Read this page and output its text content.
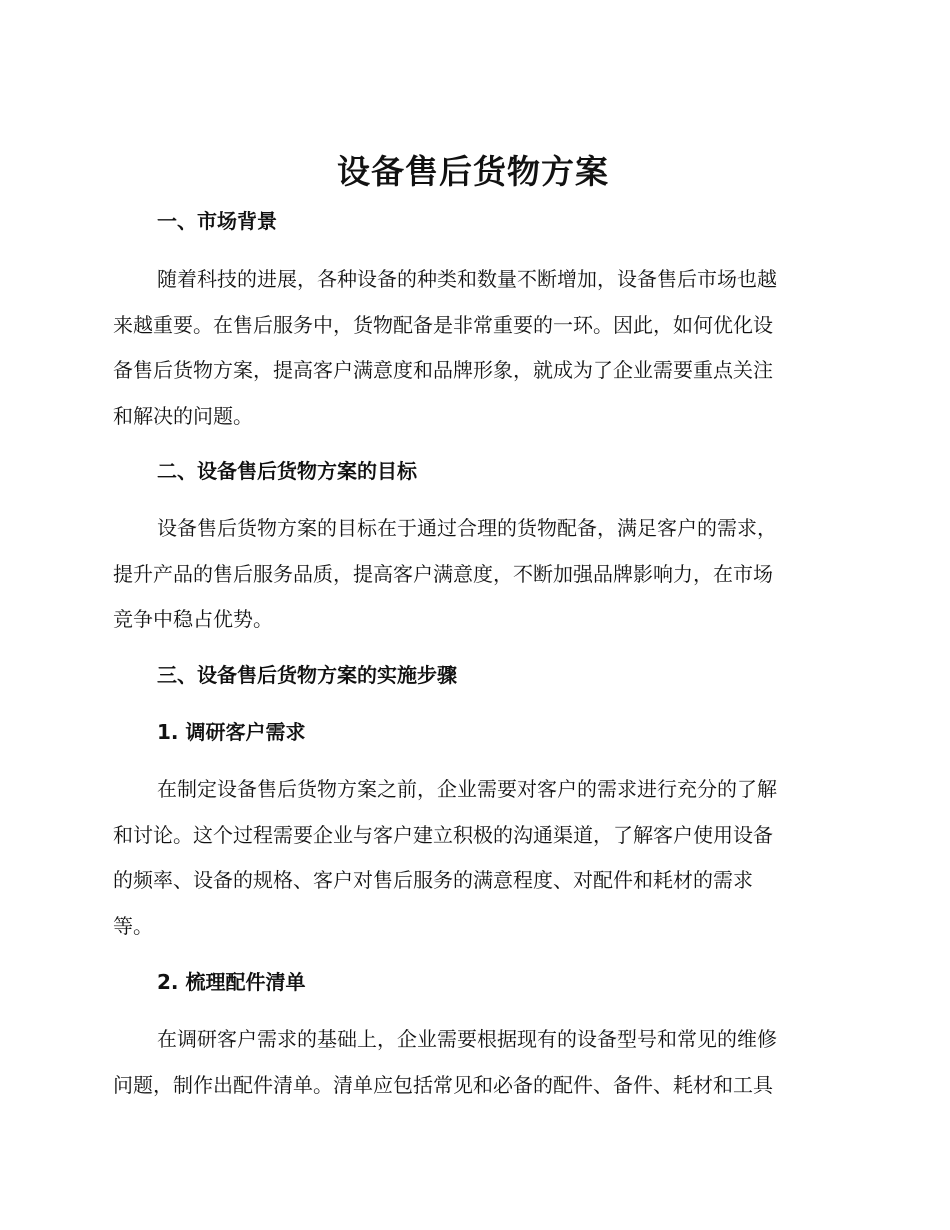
设备售后货物方案
一、市场背景
随着科技的进展，各种设备的种类和数量不断增加，设备售后市场也越
来越重要。在售后服务中，货物配备是非常重要的一环。因此，如何优化设
备售后货物方案，提高客户满意度和品牌形象，就成为了企业需要重点关注
和解决的问题。
二、设备售后货物方案的目标
设备售后货物方案的目标在于通过合理的货物配备，满足客户的需求，
提升产品的售后服务品质，提高客户满意度，不断加强品牌影响力，在市场
竞争中稳占优势。
三、设备售后货物方案的实施步骤
1. 调研客户需求
在制定设备售后货物方案之前，企业需要对客户的需求进行充分的了解
和讨论。这个过程需要企业与客户建立积极的沟通渠道，了解客户使用设备
的频率、设备的规格、客户对售后服务的满意程度、对配件和耗材的需求
等。
2. 梳理配件清单
在调研客户需求的基础上，企业需要根据现有的设备型号和常见的维修
问题，制作出配件清单。清单应包括常见和必备的配件、备件、耗材和工具
